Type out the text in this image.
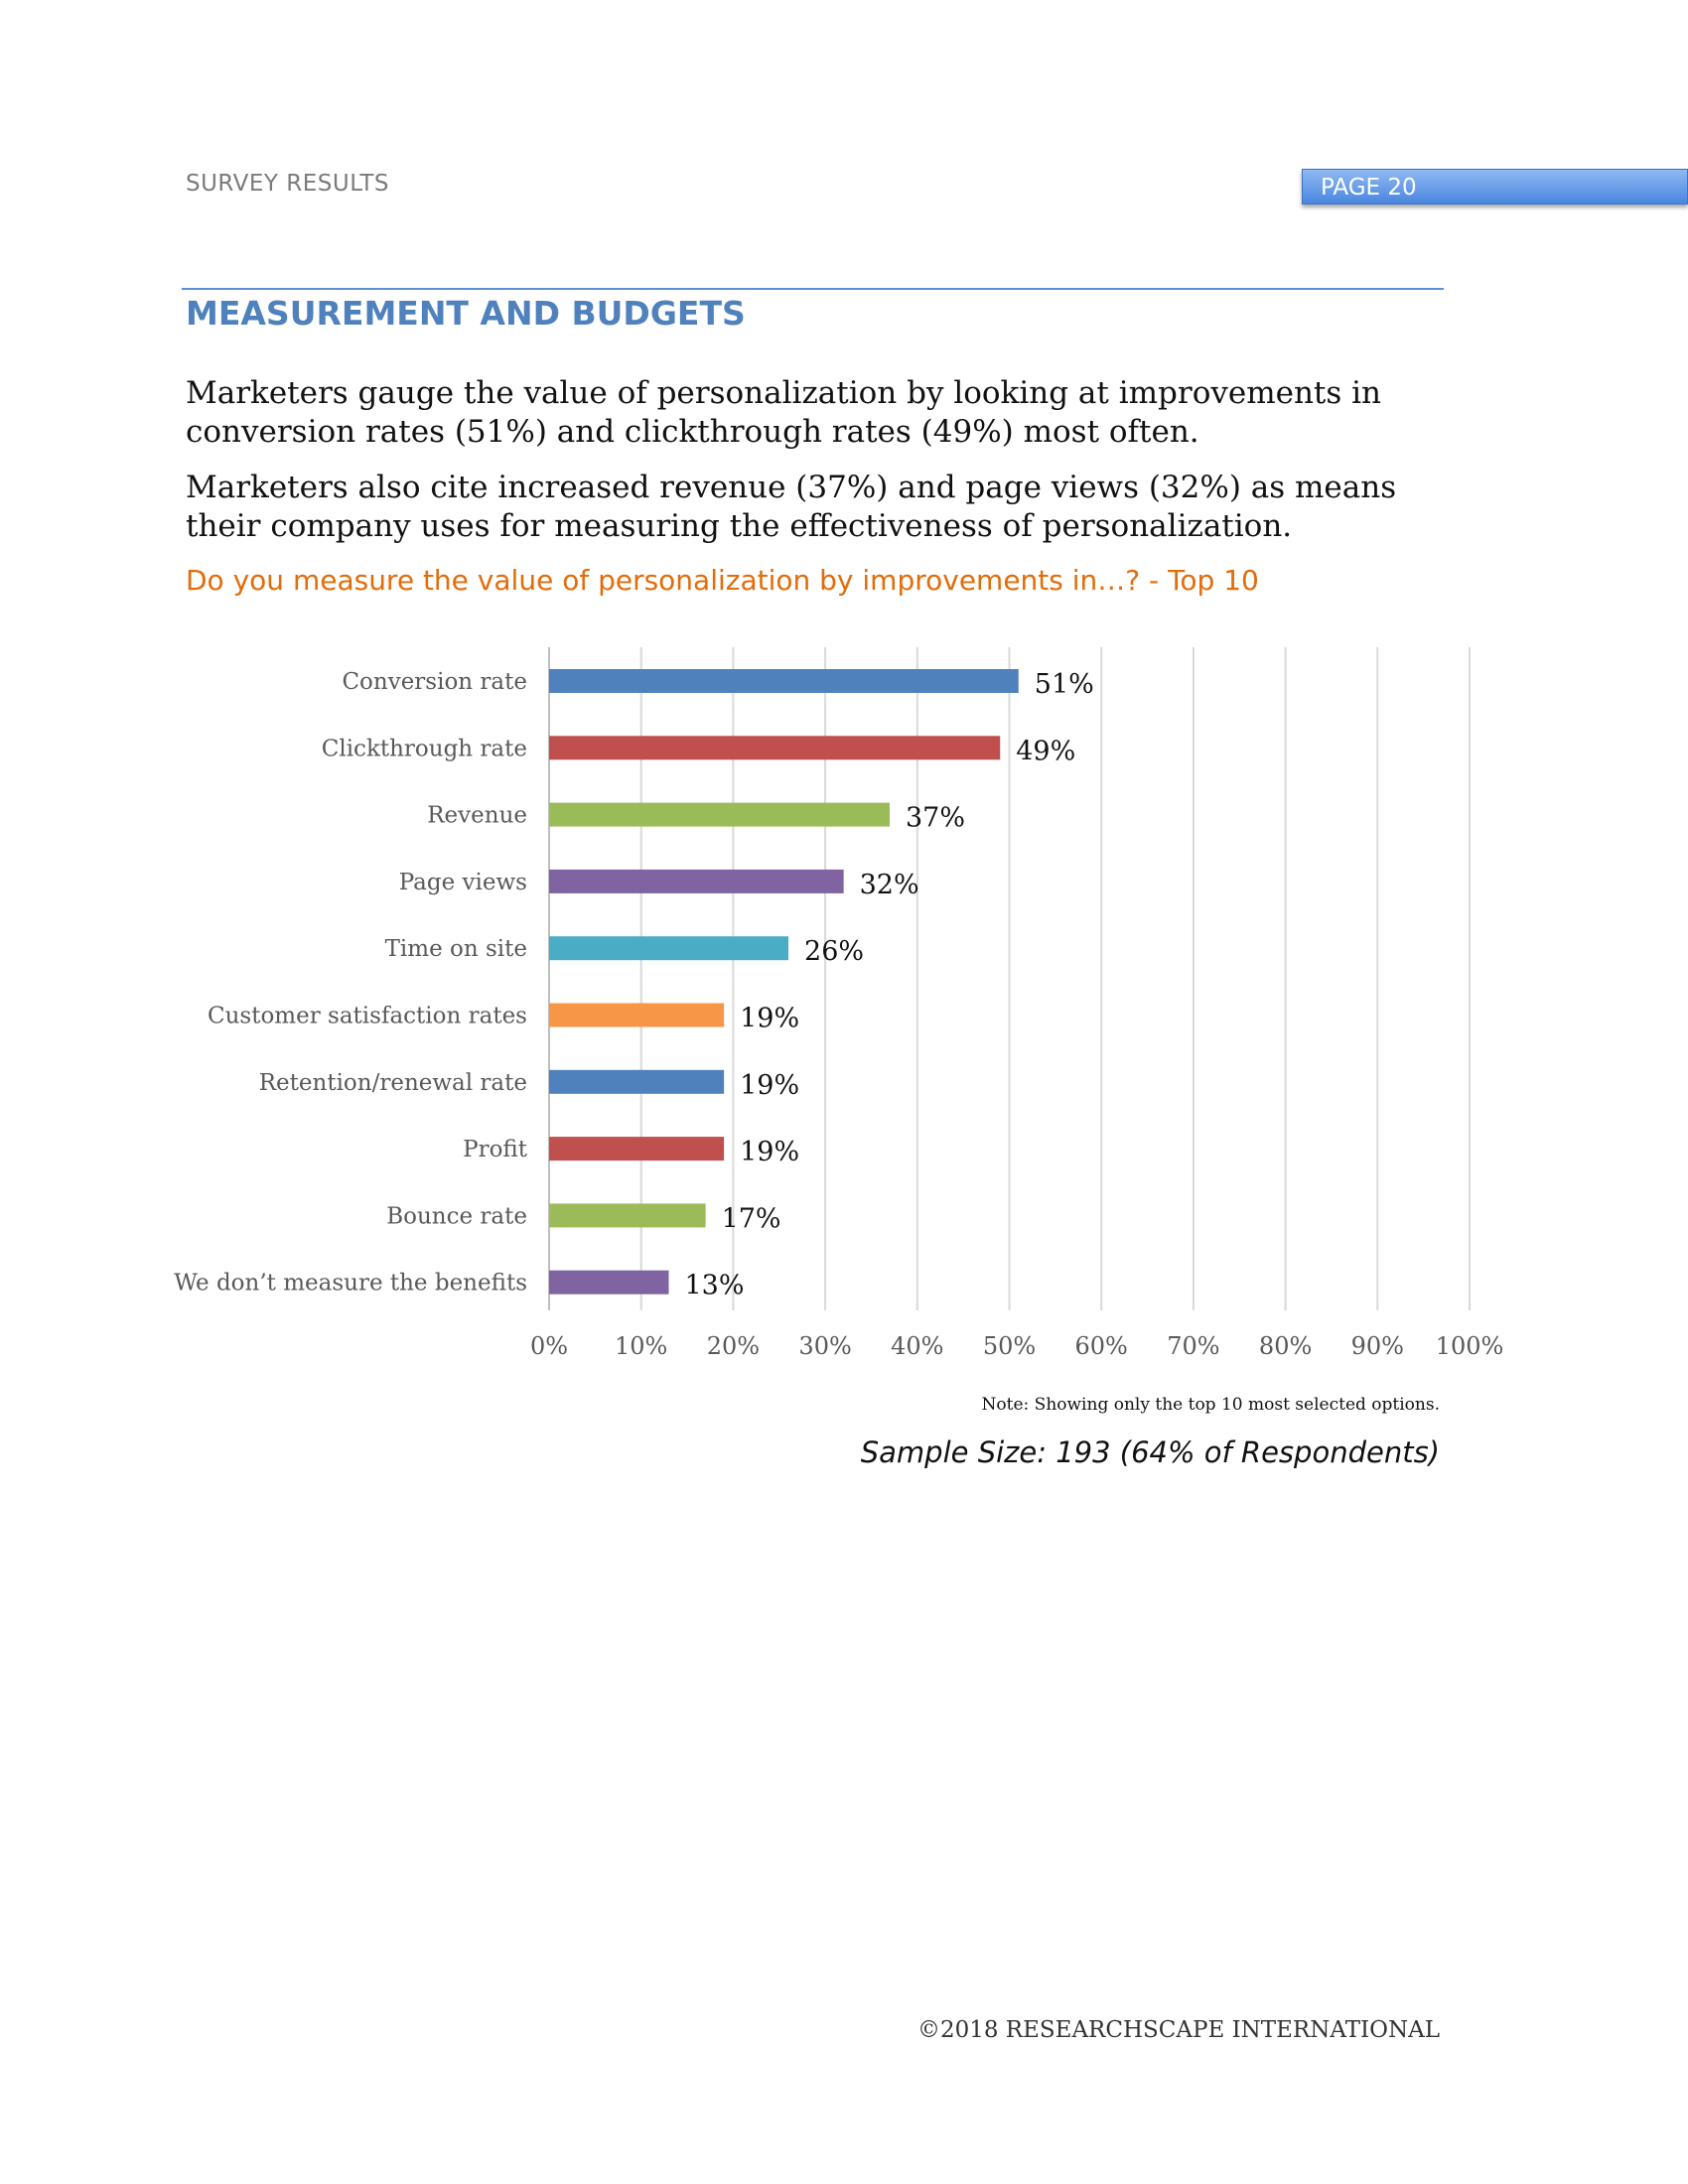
SURVEY RESULTS	PAGE 20
MEASUREMENT AND BUDGETS
Marketers gauge the value of personalization by looking at improvements in conversion rates (51%) and clickthrough rates (49%) most often.
Marketers also cite increased revenue (37%) and page views (32%) as means their company uses for measuring the effectiveness of personalization.
Do you measure the value of personalization by improvements in…? - Top 10
0% 10% 20% 30% 40% 50% 60% 70% 80% 90% 100%
Conversion rate	51%
Clickthrough rate	49%
Revenue	37%
Page views	32%
Time on site	26%
Customer satisfaction rates	19%
Retention/renewal rate	19%
Profit	19%
Bounce rate	17%
We don’t measure the benefits	13%
Note: Showing only the top 10 most selected options.
Sample Size: 193 (64% of Respondents)
©2018 RESEARCHSCAPE INTERNATIONAL
